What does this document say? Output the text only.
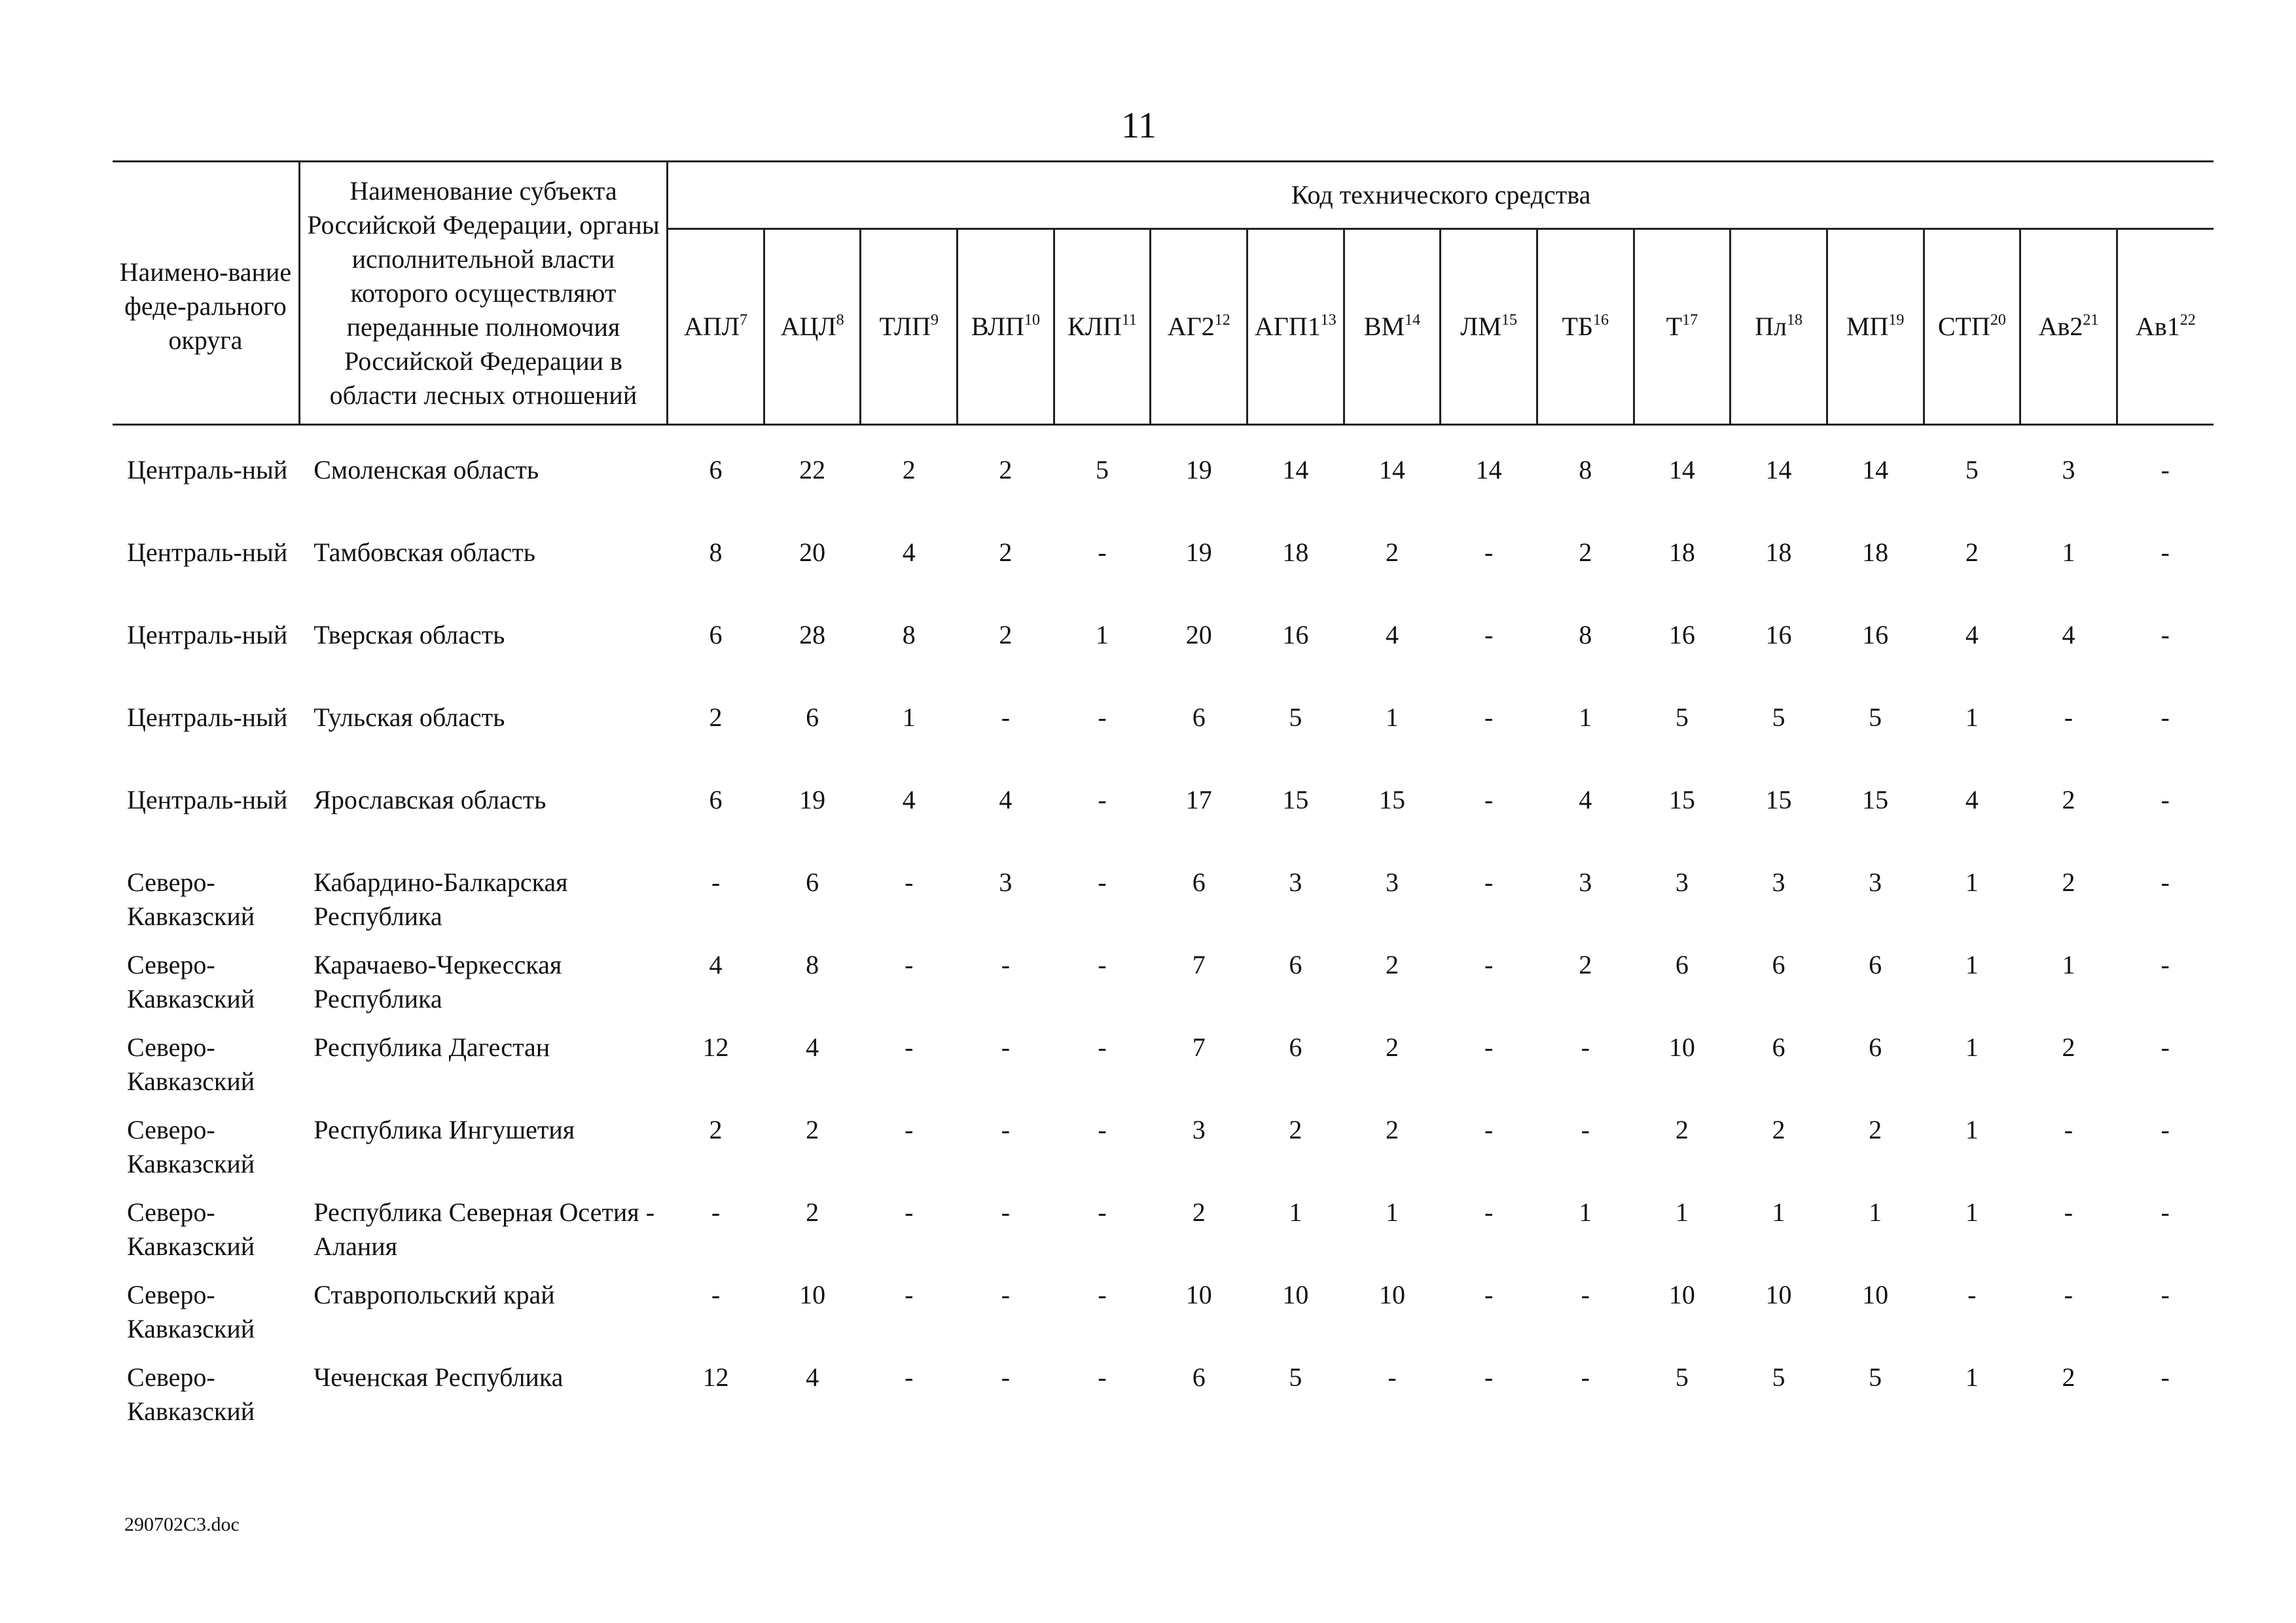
11
Наимено-вание феде-рального округа	Наименование субъекта Российской Федерации, органы исполнительной власти которого осуществляют переданные полномочия Российской Федерации в области лесных отношений	Код технического средства															
		АПЛ$^7$	АЦЛ$^8$	ТЛП$^9$	ВЛП$^{10}$	КЛП$^{11}$	$АГ2^{12}$	$АГП1^{13}$	ВМ$^{14}$	ЛМ$^{15}$	ТБ$^{16}$	$Т^{17}$	$Пл^{18}$	МП$^{19}$	СТП$^{20}$	$Ав2^{21}$	$Ав1^{22}$
Централь-ный	Смоленская область	6	22	2	2	5	19	14	14	14	8	14	14	14	5	3	-
Централь-ный	Тамбовская область	8	20	4	2	-	19	18	2	-	2	18	18	18	2	1	-
Централь-ный	Тверская область	6	28	8	2	1	20	16	4	-	8	16	16	16	4	4	-
Централь-ный	Тульская область	2	6	1	-	-	6	5	1	-	1	5	5	5	1	-	-
Централь-ный	Ярославская область	6	19	4	4	-	17	15	15	-	4	15	15	15	4	2	-
Северо-Кавказский	Кабардино-Балкарская Республика	-	6	-	3	-	6	3	3	-	3	3	3	3	1	2	-
Северо-Кавказский	Карачаево-Черкесская Республика	4	8	-	-	-	7	6	2	-	2	6	6	6	1	1	-
Северо-Кавказский	Республика Дагестан	12	4	-	-	-	7	6	2	-	-	10	6	6	1	2	-
Северо-Кавказский	Республика Ингушетия	2	2	-	-	-	3	2	2	-	-	2	2	2	1	-	-
Северо-Кавказский	Республика Северная Осетия - Алания	-	2	-	-	-	2	1	1	-	1	1	1	1	1	-	-
Северо-Кавказский	Ставропольский край	-	10	-	-	-	10	10	10	-	-	10	10	10	-	-	-
Северо-Кавказский	Чеченская Республика	12	4	-	-	-	6	5	-	-	-	5	5	5	1	2	-
290702C3.doc
